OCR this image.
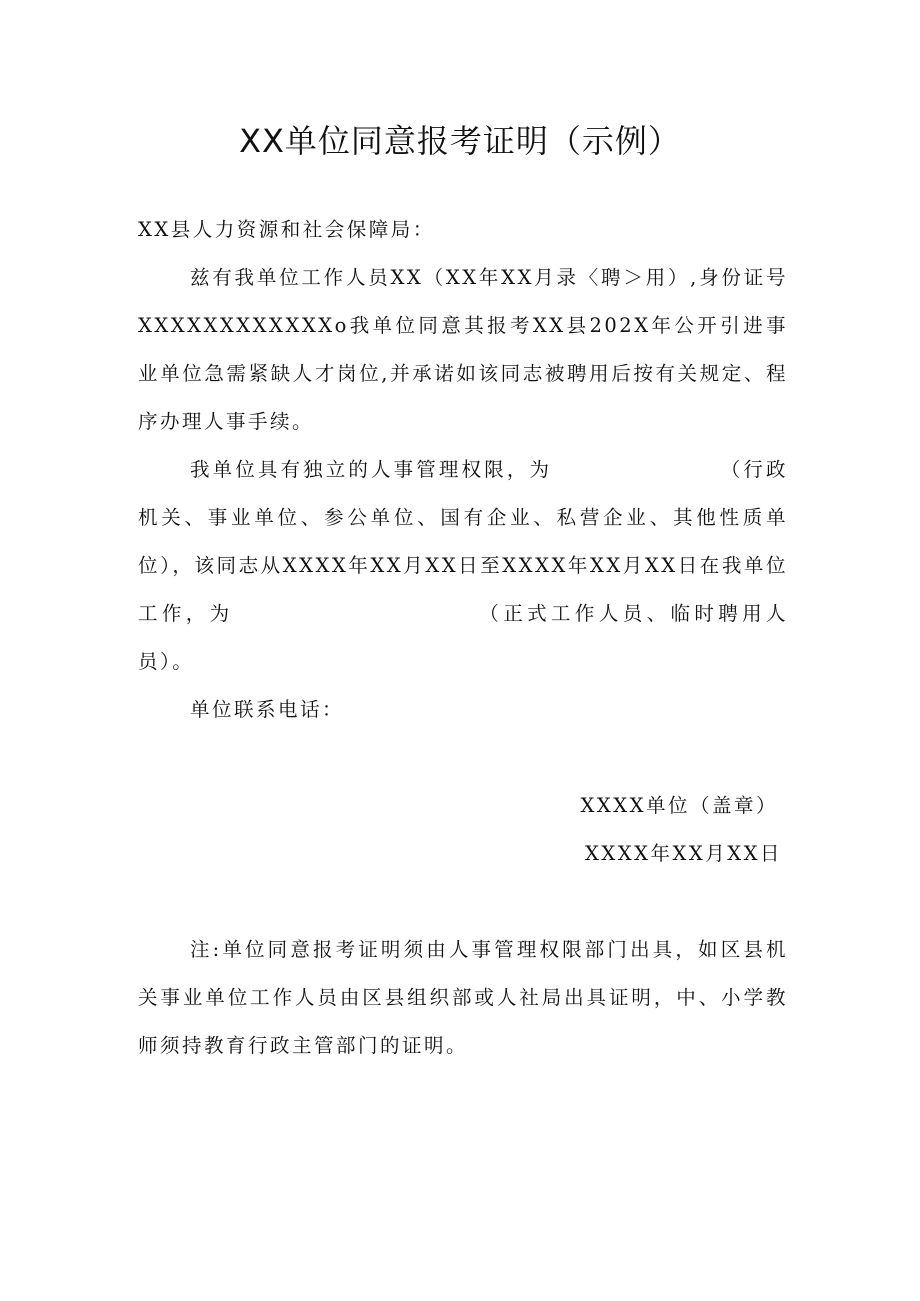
XX单位同意报考证明（示例）

XX县人力资源和社会保障局：

兹有我单位工作人员XX（XX年XX月录〈聘＞用）,身份证号XXXXXXXXXXXXo我单位同意其报考XX县202X年公开引进事业单位急需紧缺人才岗位,并承诺如该同志被聘用后按有关规定、程序办理人事手续。

我单位具有独立的人事管理权限，为	（行政机关、事业单位、参公单位、国有企业、私营企业、其他性质单位），该同志从XXXX年XX月XX日至XXXX年XX月XX日在我单位工作，为	（正式工作人员、临时聘用人员）。

单位联系电话：

XXXX单位（盖章）

XXXX年XX月XX日

注:单位同意报考证明须由人事管理权限部门出具，如区县机关事业单位工作人员由区县组织部或人社局出具证明，中、小学教师须持教育行政主管部门的证明。
